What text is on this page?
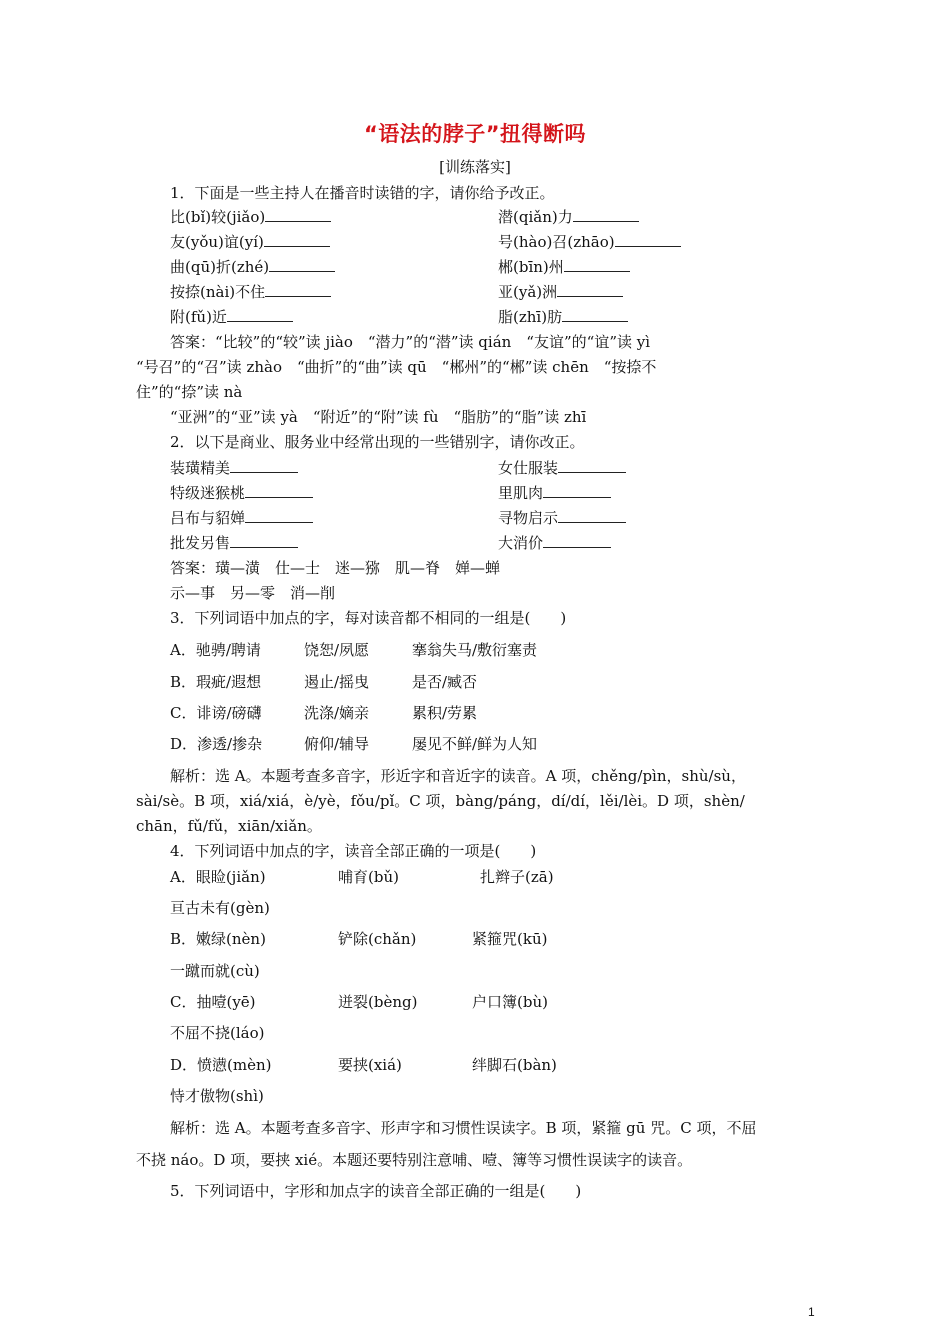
“语法的脖子”扭得断吗
[训练落实]
1．下面是一些主持人在播音时读错的字，请你给予改正。
比(bǐ)较(jiǎo)	潜(qiǎn)力
友(yǒu)谊(yí)	号(hào)召(zhāo)
曲(qū)折(zhé)	郴(bīn)州
按捺(nài)不住	亚(yǎ)洲
附(fǔ)近	脂(zhī)肪
答案：“比较”的“较”读 jiào　“潜力”的“潜”读 qián　“友谊”的“谊”读 yì
“号召”的“召”读 zhào　“曲折”的“曲”读 qū　“郴州”的“郴”读 chēn　“按捺不
住”的“捺”读 nà
“亚洲”的“亚”读 yà　“附近”的“附”读 fù　“脂肪”的“脂”读 zhī
2．以下是商业、服务业中经常出现的一些错别字，请你改正。
装璜精美	女仕服装
特级迷猴桃	里肌肉
吕布与貂婵	寻物启示
批发另售	大消价
答案：璜—潢　仕—士　迷—猕　肌—脊　婵—蝉
示—事　另—零　消—削
3．下列词语中加点的字，每对读音都不相同的一组是(　　)
A．驰骋/聘请	饶恕/夙愿	搴翁失马/敷衍塞责
B．瑕疵/遐想	遏止/摇曳	是否/臧否
C．诽谤/磅礴	洗涤/嫡亲	累积/劳累
D．渗透/掺杂	俯仰/辅导	屡见不鲜/鲜为人知
解析：选 A。本题考查多音字，形近字和音近字的读音。A 项，chěng/pìn，shù/sù，
sài/sè。B 项，xiá/xiá，è/yè，fǒu/pǐ。C 项，bàng/páng，dí/dí，lěi/lèi。D 项，shèn/
chān，fǔ/fǔ，xiān/xiǎn。
4．下列词语中加点的字，读音全部正确的一项是(　　)
A．眼睑(jiǎn)	哺育(bǔ)	扎辫子(zā)
亘古未有(gèn)
B．嫩绿(nèn)	铲除(chǎn)	紧箍咒(kū)
一蹴而就(cù)
C．抽噎(yē)	迸裂(bèng)	户口簿(bù)
不屈不挠(láo)
D．愤懑(mèn)	要挟(xiá)	绊脚石(bàn)
恃才傲物(shì)
解析：选 A。本题考查多音字、形声字和习惯性误读字。B 项，紧箍 gū 咒。C 项，不屈
不挠 náo。D 项，要挟 xié。本题还要特别注意哺、噎、簿等习惯性误读字的读音。
5．下列词语中，字形和加点字的读音全部正确的一组是(　　)
1
